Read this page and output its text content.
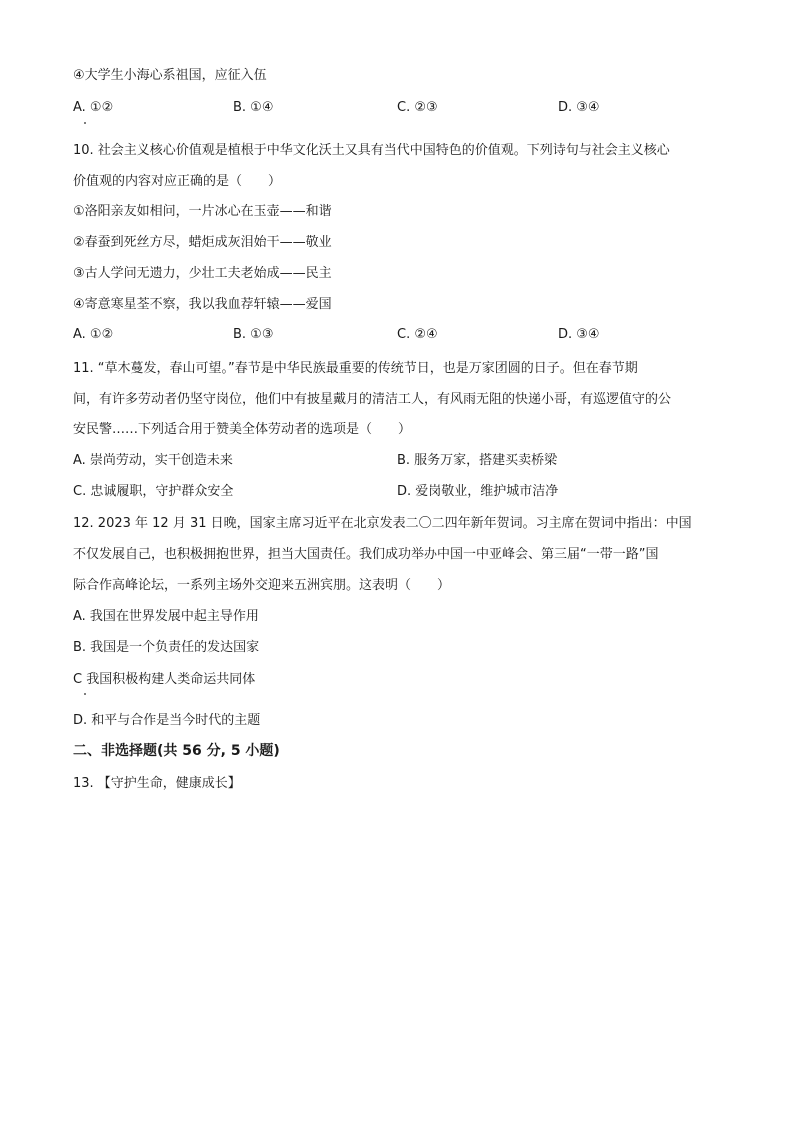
④大学生小海心系祖国，应征入伍
A. ①②	B. ①④	C. ②③	D. ③④
10. 社会主义核心价值观是植根于中华文化沃土又具有当代中国特色的价值观。下列诗句与社会主义核心
价值观的内容对应正确的是（　　）
①洛阳亲友如相问，一片冰心在玉壶——和谐
②春蚕到死丝方尽，蜡炬成灰泪始干——敬业
③古人学问无遗力，少壮工夫老始成——民主
④寄意寒星荃不察，我以我血荐轩辕——爱国
A. ①②	B. ①③	C. ②④	D. ③④
11. “草木蔓发，春山可望。”春节是中华民族最重要的传统节日，也是万家团圆的日子。但在春节期
间，有许多劳动者仍坚守岗位，他们中有披星戴月的清洁工人，有风雨无阻的快递小哥，有巡逻值守的公
安民警……下列适合用于赞美全体劳动者的选项是（　　）
A. 崇尚劳动，实干创造未来	B. 服务万家，搭建买卖桥梁
C. 忠诚履职，守护群众安全	D. 爱岗敬业，维护城市洁净
12. 2023 年 12 月 31 日晚，国家主席习近平在北京发表二〇二四年新年贺词。习主席在贺词中指出：中国
不仅发展自己，也积极拥抱世界，担当大国责任。我们成功举办中国一中亚峰会、第三届“一带一路”国
际合作高峰论坛，一系列主场外交迎来五洲宾朋。这表明（　　）
A. 我国在世界发展中起主导作用
B. 我国是一个负责任的发达国家
C 我国积极构建人类命运共同体
D. 和平与合作是当今时代的主题
二、非选择题(共 56 分, 5 小题)
13. 【守护生命，健康成长】
